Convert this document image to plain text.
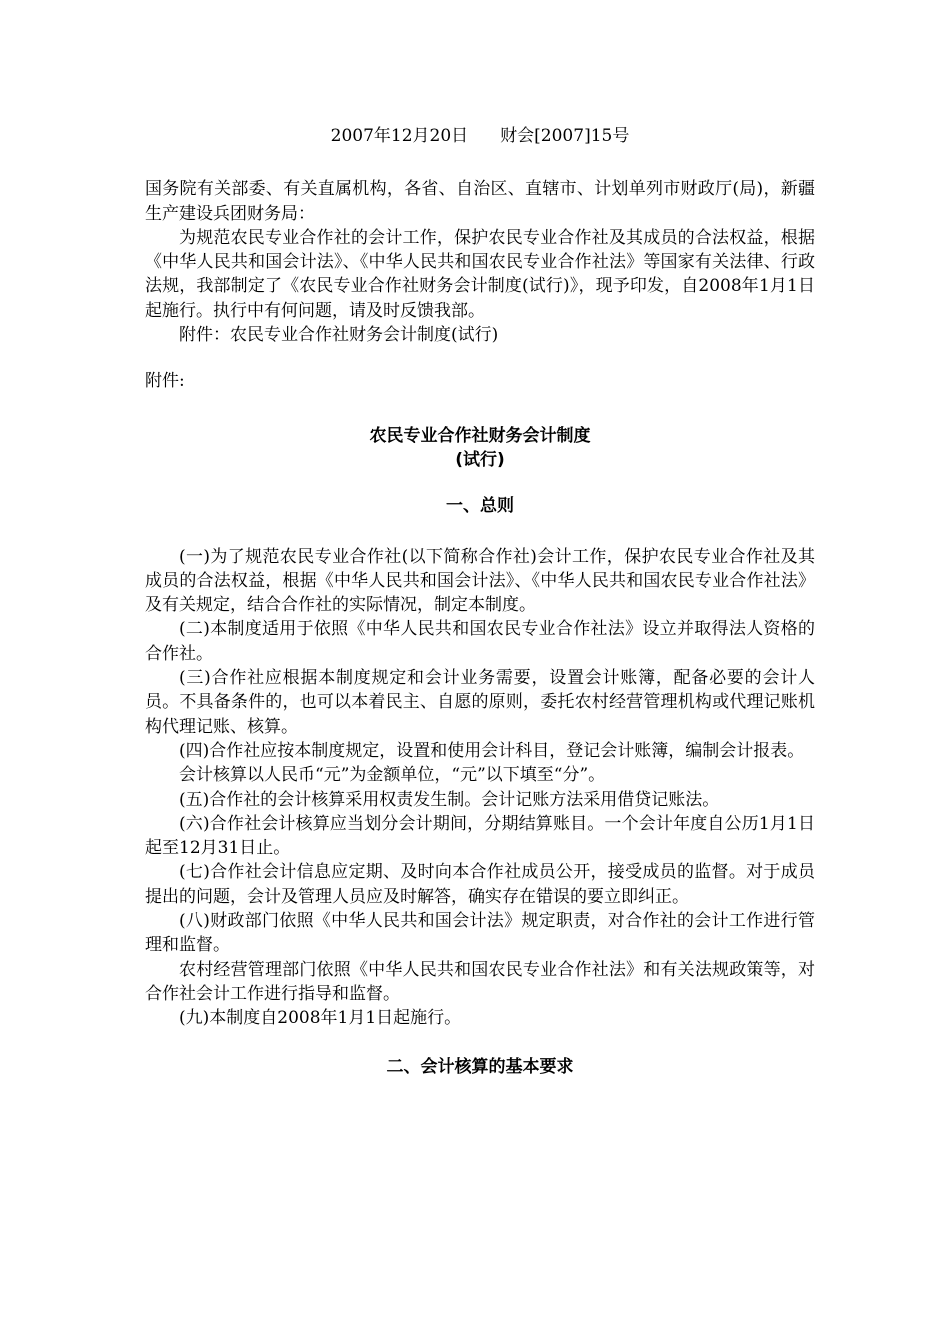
2007年12月20日 财会[2007]15号

国务院有关部委、有关直属机构，各省、自治区、直辖市、计划单列市财政厅(局)，新疆生产建设兵团财务局：

为规范农民专业合作社的会计工作，保护农民专业合作社及其成员的合法权益，根据《中华人民共和国会计法》、《中华人民共和国农民专业合作社法》等国家有关法律、行政法规，我部制定了《农民专业合作社财务会计制度(试行)》，现予印发，自2008年1月1日起施行。执行中有何问题，请及时反馈我部。

附件：农民专业合作社财务会计制度(试行)

附件:

农民专业合作社财务会计制度

(试行)

一、总则

(一)为了规范农民专业合作社(以下简称合作社)会计工作，保护农民专业合作社及其成员的合法权益，根据《中华人民共和国会计法》、《中华人民共和国农民专业合作社法》及有关规定，结合合作社的实际情况，制定本制度。

(二)本制度适用于依照《中华人民共和国农民专业合作社法》设立并取得法人资格的合作社。

(三)合作社应根据本制度规定和会计业务需要，设置会计账簿，配备必要的会计人员。不具备条件的，也可以本着民主、自愿的原则，委托农村经营管理机构或代理记账机构代理记账、核算。

(四)合作社应按本制度规定，设置和使用会计科目，登记会计账簿，编制会计报表。

会计核算以人民币“元”为金额单位，“元”以下填至“分”。

(五)合作社的会计核算采用权责发生制。会计记账方法采用借贷记账法。

(六)合作社会计核算应当划分会计期间，分期结算账目。一个会计年度自公历1月1日起至12月31日止。

(七)合作社会计信息应定期、及时向本合作社成员公开，接受成员的监督。对于成员提出的问题，会计及管理人员应及时解答，确实存在错误的要立即纠正。

(八)财政部门依照《中华人民共和国会计法》规定职责，对合作社的会计工作进行管理和监督。

农村经营管理部门依照《中华人民共和国农民专业合作社法》和有关法规政策等，对合作社会计工作进行指导和监督。

(九)本制度自2008年1月1日起施行。

二、会计核算的基本要求
